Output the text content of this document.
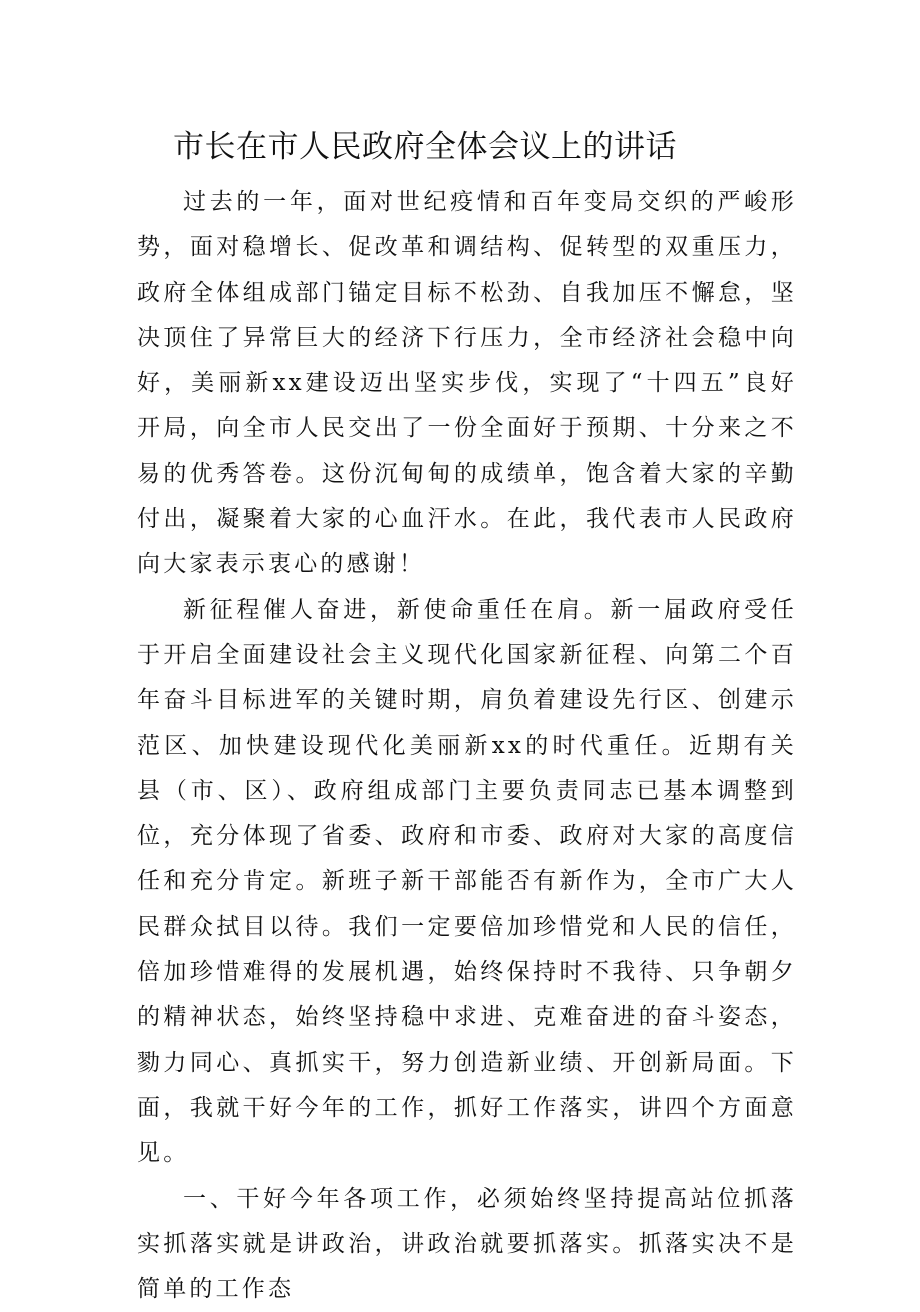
市长在市人民政府全体会议上的讲话

过去的一年，面对世纪疫情和百年变局交织的严峻形势，面对稳增长、促改革和调结构、促转型的双重压力，政府全体组成部门锚定目标不松劲、自我加压不懈怠，坚决顶住了异常巨大的经济下行压力，全市经济社会稳中向好，美丽新xx建设迈出坚实步伐，实现了“十四五”良好开局，向全市人民交出了一份全面好于预期、十分来之不易的优秀答卷。这份沉甸甸的成绩单，饱含着大家的辛勤付出，凝聚着大家的心血汗水。在此，我代表市人民政府向大家表示衷心的感谢！

新征程催人奋进，新使命重任在肩。新一届政府受任于开启全面建设社会主义现代化国家新征程、向第二个百年奋斗目标进军的关键时期，肩负着建设先行区、创建示范区、加快建设现代化美丽新xx的时代重任。近期有关县（市、区）、政府组成部门主要负责同志已基本调整到位，充分体现了省委、政府和市委、政府对大家的高度信任和充分肯定。新班子新干部能否有新作为，全市广大人民群众拭目以待。我们一定要倍加珍惜党和人民的信任，倍加珍惜难得的发展机遇，始终保持时不我待、只争朝夕的精神状态，始终坚持稳中求进、克难奋进的奋斗姿态，勠力同心、真抓实干，努力创造新业绩、开创新局面。下面，我就干好今年的工作，抓好工作落实，讲四个方面意见。

一、干好今年各项工作，必须始终坚持提高站位抓落实抓落实就是讲政治，讲政治就要抓落实。抓落实决不是简单的工作态
